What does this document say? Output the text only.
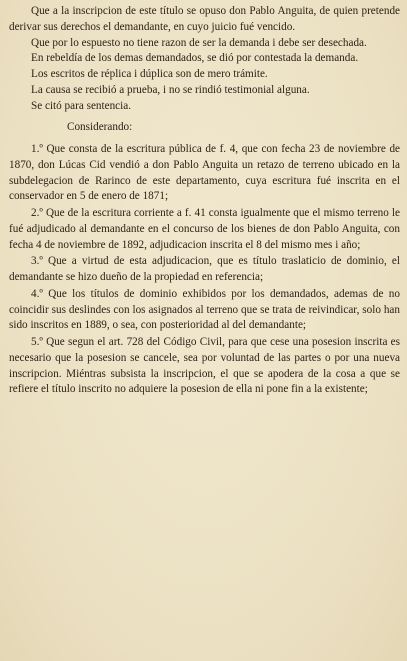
Que a la inscripcion de este título se opuso don Pablo Anguita, de quien pretende derivar sus derechos el demandante, en cuyo juicio fué vencido.

Que por lo espuesto no tiene razon de ser la demanda i debe ser desechada.

En rebeldía de los demas demandados, se dió por contestada la demanda.

Los escritos de réplica i dúplica son de mero trámite.

La causa se recibió a prueba, i no se rindió testimonial alguna.

Se citó para sentencia.

Considerando:

1.º Que consta de la escritura pública de f. 4, que con fecha 23 de noviembre de 1870, don Lúcas Cid vendió a don Pablo Anguita un retazo de terreno ubicado en la subdelegacion de Rarinco de este departamento, cuya escritura fué inscrita en el conservador en 5 de enero de 1871;

2.º Que de la escritura corriente a f. 41 consta igualmente que el mismo terreno le fué adjudicado al demandante en el concurso de los bienes de don Pablo Anguita, con fecha 4 de noviembre de 1892, adjudicacion inscrita el 8 del mismo mes i año;

3.º Que a virtud de esta adjudicacion, que es título traslaticio de dominio, el demandante se hizo dueño de la propiedad en referencia;

4.º Que los títulos de dominio exhibidos por los demandados, ademas de no coincidir sus deslindes con los asignados al terreno que se trata de reivindicar, solo han sido inscritos en 1889, o sea, con posterioridad al del demandante;

5.º Que segun el art. 728 del Código Civil, para que cese una posesion inscrita es necesario que la posesion se cancele, sea por voluntad de las partes o por una nueva inscripcion. Miéntras subsista la inscripcion, el que se apodera de la cosa a que se refiere el título inscrito no adquiere la posesion de ella ni pone fin a la existente;
